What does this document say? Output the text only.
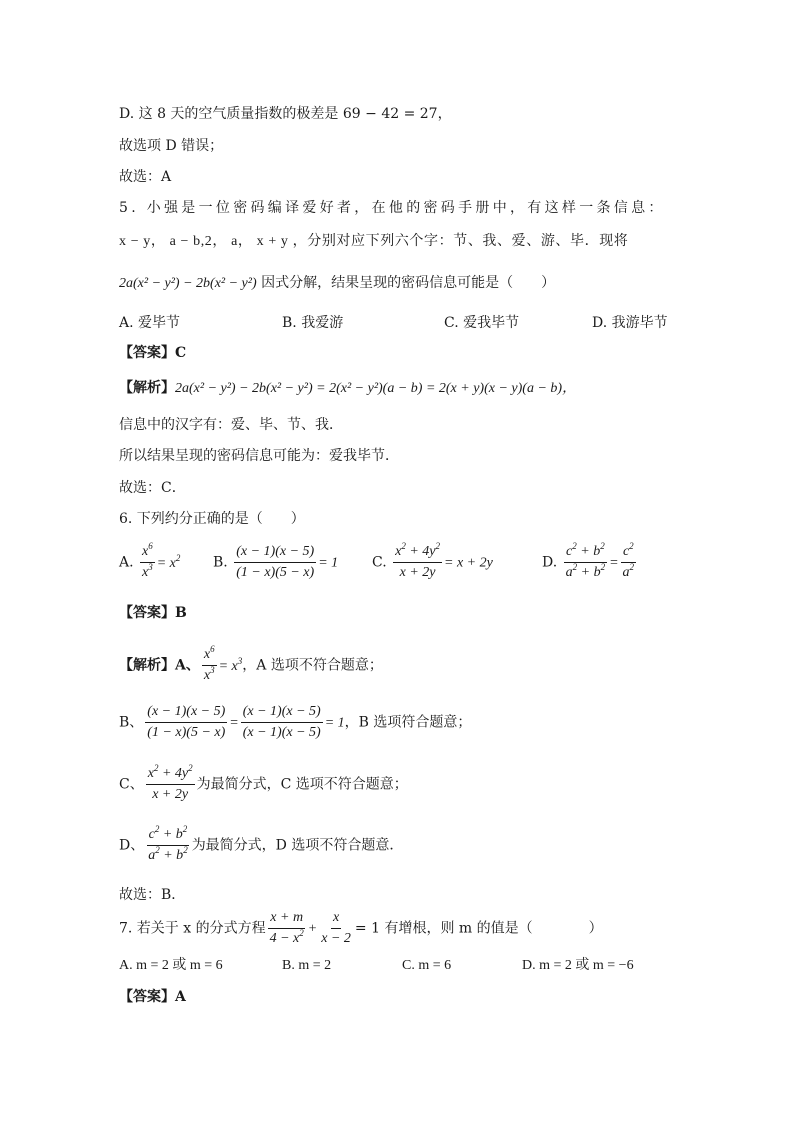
D. 这 8 天的空气质量指数的极差是 69 − 42 = 27，
故选项 D 错误；
故选：A
5. 小强是一位密码编译爱好者，在他的密码手册中，有这样一条信息：
x − y， a − b,2， a， x + y ，分别对应下列六个字：节、我、爱、游、毕．现将
2a(x² − y²) − 2b(x² − y²) 因式分解，结果呈现的密码信息可能是（　　）
A. 爱毕节	B. 我爱游	C. 爱我毕节	D. 我游毕节
【答案】C
【解析】2a(x² − y²) − 2b(x² − y²) = 2(x² − y²)(a − b) = 2(x + y)(x − y)(a − b)，
信息中的汉字有：爱、毕、节、我．
所以结果呈现的密码信息可能为：爱我毕节．
故选：C．
6. 下列约分正确的是（　　）
A. $\frac{x^6}{x^3} = x^2$ B. $\frac{(x - 1)(x - 5)}{(1 - x)(5 - x)} = 1$ C. $\frac{x^2 + 4y^2}{x + 2y} = x + 2y$	D. $\frac{c^2 + b^2}{a^2 + b^2} = \frac{c^2}{a^2}$
【答案】B
【解析】A、 $\frac{x^6}{x^3} = x^3$，A 选项不符合题意；
B、 $\frac{(x - 1)(x - 5)}{(1 - x)(5 - x)} = \frac{(x - 1)(x - 5)}{(x - 1)(x - 5)} = 1$，B 选项符合题意；
C、 $\frac{x^2 + 4y^2}{x + 2y}$ 为最简分式，C 选项不符合题意；
D、 $\frac{c^2 + b^2}{a^2 + b^2}$ 为最简分式，D 选项不符合题意．
故选：B．
7. 若关于 x 的分式方程 $\frac{x + m}{4 - x^2} + \frac{x}{x - 2} = 1$ 有增根，则 m 的值是（　　　　）
A. m = 2 或 m = 6	B. m = 2	C. m = 6	D. m = 2 或 m = −6
【答案】A
